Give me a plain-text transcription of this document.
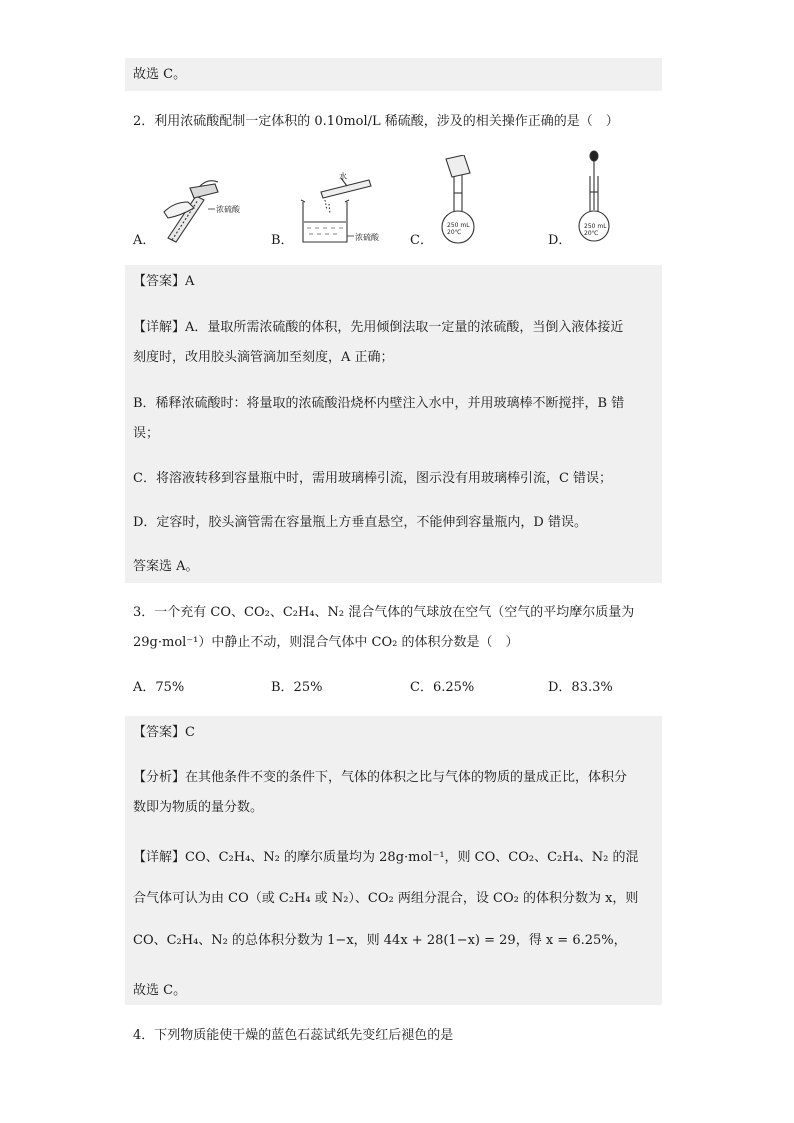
故选 C。
2．利用浓硫酸配制一定体积的 0.10mol/L 稀硫酸，涉及的相关操作正确的是（　）
A．	B．	C．	D．
浓硫酸
水
浓硫酸
250 mL 20℃
250 mL 20℃
【答案】A
【详解】A．量取所需浓硫酸的体积，先用倾倒法取一定量的浓硫酸，当倒入液体接近
刻度时，改用胶头滴管滴加至刻度，A 正确；
B．稀释浓硫酸时：将量取的浓硫酸沿烧杯内壁注入水中，并用玻璃棒不断搅拌，B 错
误；
C．将溶液转移到容量瓶中时，需用玻璃棒引流，图示没有用玻璃棒引流，C 错误；
D．定容时，胶头滴管需在容量瓶上方垂直悬空，不能伸到容量瓶内，D 错误。
答案选 A。
3．一个充有 CO、CO₂、C₂H₄、N₂ 混合气体的气球放在空气（空气的平均摩尔质量为
29g·mol⁻¹）中静止不动，则混合气体中 CO₂ 的体积分数是（　）
A．75%	B．25%	C．6.25%	D．83.3%
【答案】C
【分析】在其他条件不变的条件下，气体的体积之比与气体的物质的量成正比，体积分
数即为物质的量分数。
【详解】CO、C₂H₄、N₂ 的摩尔质量均为 28g·mol⁻¹，则 CO、CO₂、C₂H₄、N₂ 的混
合气体可认为由 CO（或 C₂H₄ 或 N₂）、CO₂ 两组分混合，设 CO₂ 的体积分数为 x，则
CO、C₂H₄、N₂ 的总体积分数为 1−x，则 44x + 28(1−x) = 29，得 x = 6.25%，
故选 C。
4．下列物质能使干燥的蓝色石蕊试纸先变红后褪色的是
